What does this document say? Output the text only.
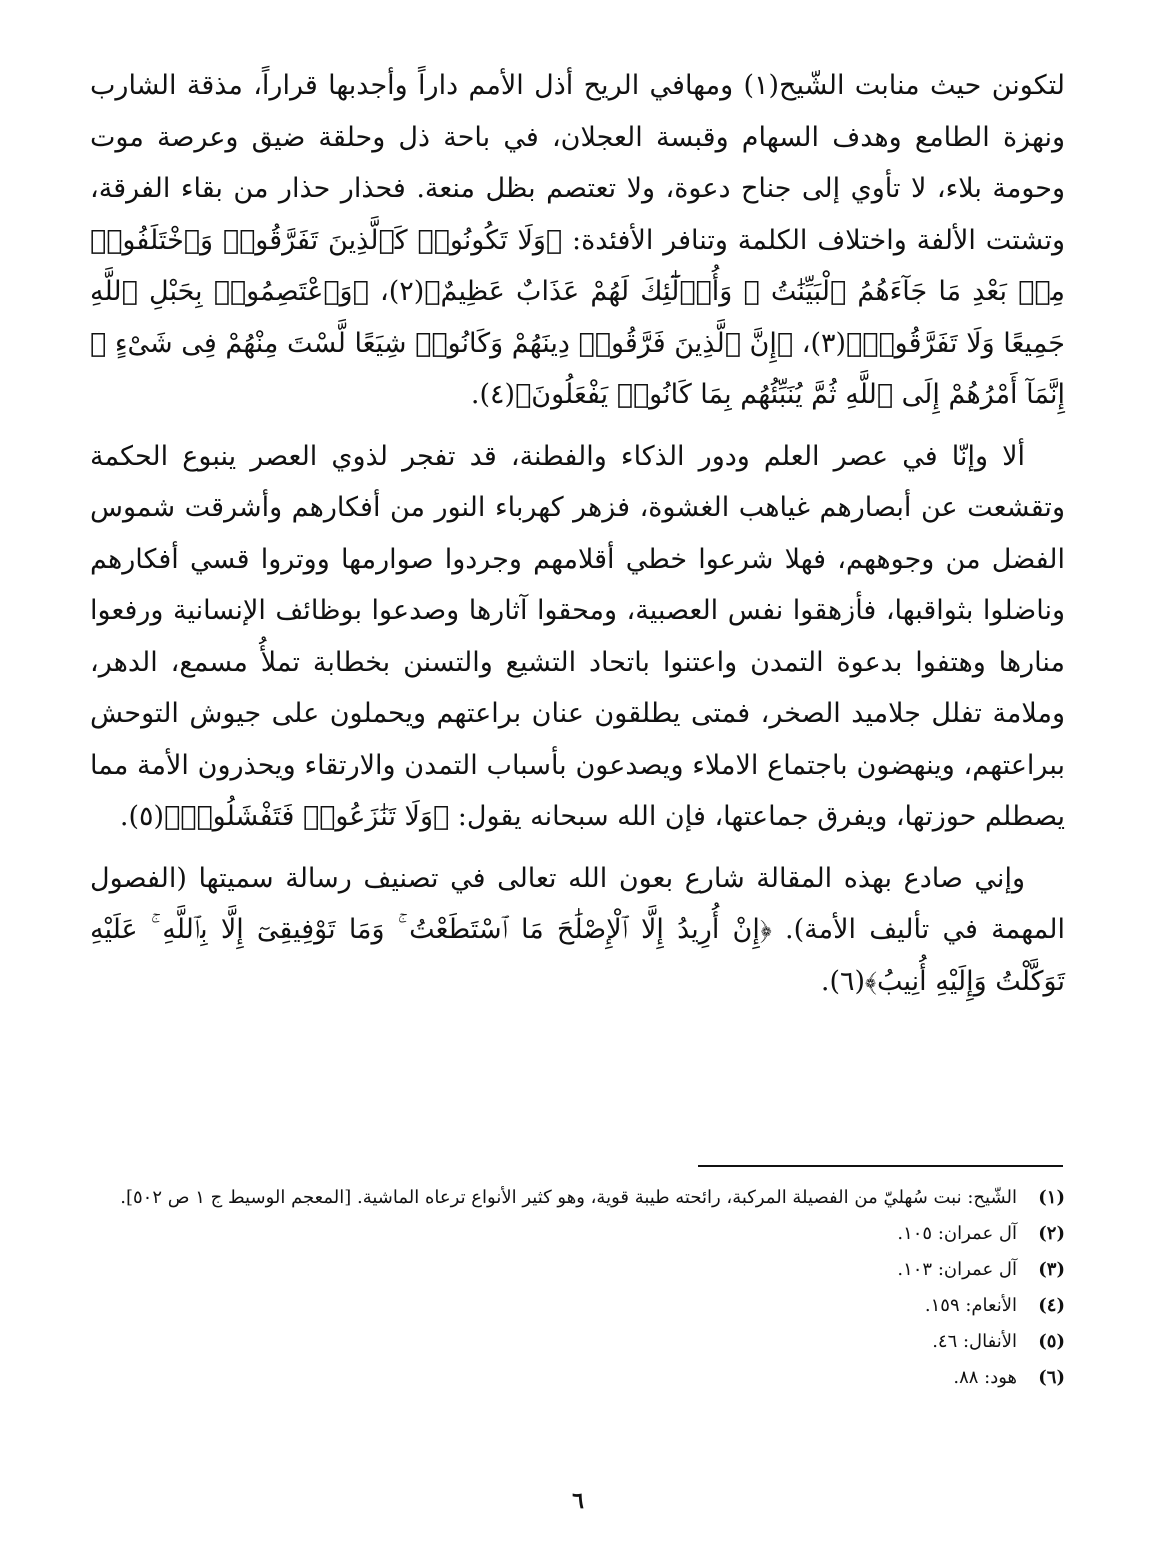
لتكونن حيث منابت الشّيح(١) ومهافي الريح أذل الأمم داراً وأجدبها قراراً، مذقة الشارب ونهزة الطامع وهدف السهام وقبسة العجلان، في باحة ذل وحلقة ضيق وعرصة موت وحومة بلاء، لا تأوي إلى جناح دعوة، ولا تعتصم بظل منعة. فحذار حذار من بقاء الفرقة، وتشتت الألفة واختلاف الكلمة وتنافر الأفئدة: ﴿وَلَا تَكُونُوا۟ كَٱلَّذِينَ تَفَرَّقُوا۟ وَٱخْتَلَفُوا۟ مِنۢ بَعْدِ مَا جَآءَهُمُ ٱلْبَيِّنَٰتُ ۚ وَأُو۟لَٰٓئِكَ لَهُمْ عَذَابٌ عَظِيمٌ﴾(٢)، ﴿وَٱعْتَصِمُوا۟ بِحَبْلِ ٱللَّهِ جَمِيعًا وَلَا تَفَرَّقُوا۟﴾(٣)، ﴿إِنَّ ٱلَّذِينَ فَرَّقُوا۟ دِينَهُمْ وَكَانُوا۟ شِيَعًا لَّسْتَ مِنْهُمْ فِى شَىْءٍ ۚ إِنَّمَآ أَمْرُهُمْ إِلَى ٱللَّهِ ثُمَّ يُنَبِّئُهُم بِمَا كَانُوا۟ يَفْعَلُونَ﴾(٤).

ألا وإنّا في عصر العلم ودور الذكاء والفطنة، قد تفجر لذوي العصر ينبوع الحكمة وتقشعت عن أبصارهم غياهب الغشوة، فزهر كهرباء النور من أفكارهم وأشرقت شموس الفضل من وجوههم، فهلا شرعوا خطي أقلامهم وجردوا صوارمها ووتروا قسي أفكارهم وناضلوا بثواقبها، فأزهقوا نفس العصبية، ومحقوا آثارها وصدعوا بوظائف الإنسانية ورفعوا منارها وهتفوا بدعوة التمدن واعتنوا باتحاد التشيع والتسنن بخطابة تملأُ مسمع، الدهر، وملامة تفلل جلاميد الصخر، فمتى يطلقون عنان براعتهم ويحملون على جيوش التوحش ببراعتهم، وينهضون باجتماع الاملاء ويصدعون بأسباب التمدن والارتقاء ويحذرون الأمة مما يصطلم حوزتها، ويفرق جماعتها، فإن الله سبحانه يقول: ﴿وَلَا تَنَٰزَعُوا۟ فَتَفْشَلُوا۟﴾(٥).

وإني صادع بهذه المقالة شارع بعون الله تعالى في تصنيف رسالة سميتها (الفصول المهمة في تأليف الأمة). ﴿إِنْ أُرِيدُ إِلَّا ٱلْإِصْلَٰحَ مَا ٱسْتَطَعْتُ ۚ وَمَا تَوْفِيقِىٓ إِلَّا بِٱللَّهِ ۚ عَلَيْهِ تَوَكَّلْتُ وَإِلَيْهِ أُنِيبُ﴾(٦).

(١)
الشّيح: نبت سُهليّ من الفصيلة المركبة، رائحته طيبة قوية، وهو كثير الأنواع ترعاه الماشية. [المعجم الوسيط ج ١ ص ٥٠٢].
(٢)
آل عمران: ١٠٥.
(٣)
آل عمران: ١٠٣.
(٤)
الأنعام: ١٥٩.
(٥)
الأنفال: ٤٦.
(٦)
هود: ٨٨.
٦
